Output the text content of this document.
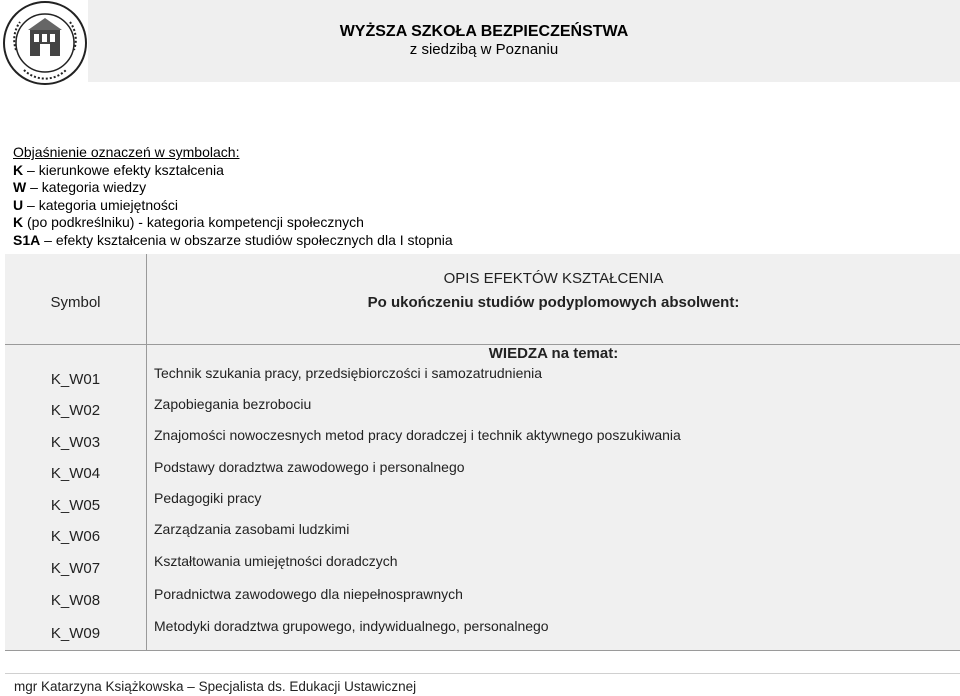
WYŻSZA SZKOŁA BEZPIECZEŃSTWA
z siedzibą w Poznaniu
Objaśnienie oznaczeń w symbolach:
K – kierunkowe efekty kształcenia
W – kategoria wiedzy
U – kategoria umiejętności
K (po podkreślniku) - kategoria kompetencji społecznych
S1A – efekty kształcenia w obszarze studiów społecznych dla I stopnia
Symbol
OPIS EFEKTÓW KSZTAŁCENIA
Po ukończeniu studiów podyplomowych absolwent:
WIEDZA na temat:
K_W01	Technik szukania pracy, przedsiębiorczości i samozatrudnienia
K_W02	Zapobiegania bezrobociu
K_W03	Znajomości nowoczesnych metod pracy doradczej i technik aktywnego poszukiwania
K_W04	Podstawy doradztwa zawodowego i personalnego
K_W05	Pedagogiki pracy
K_W06	Zarządzania zasobami ludzkimi
K_W07	Kształtowania umiejętności doradczych
K_W08	Poradnictwa zawodowego dla niepełnosprawnych
K_W09	Metodyki doradztwa grupowego, indywidualnego, personalnego
mgr Katarzyna Książkowska – Specjalista ds. Edukacji Ustawicznej
